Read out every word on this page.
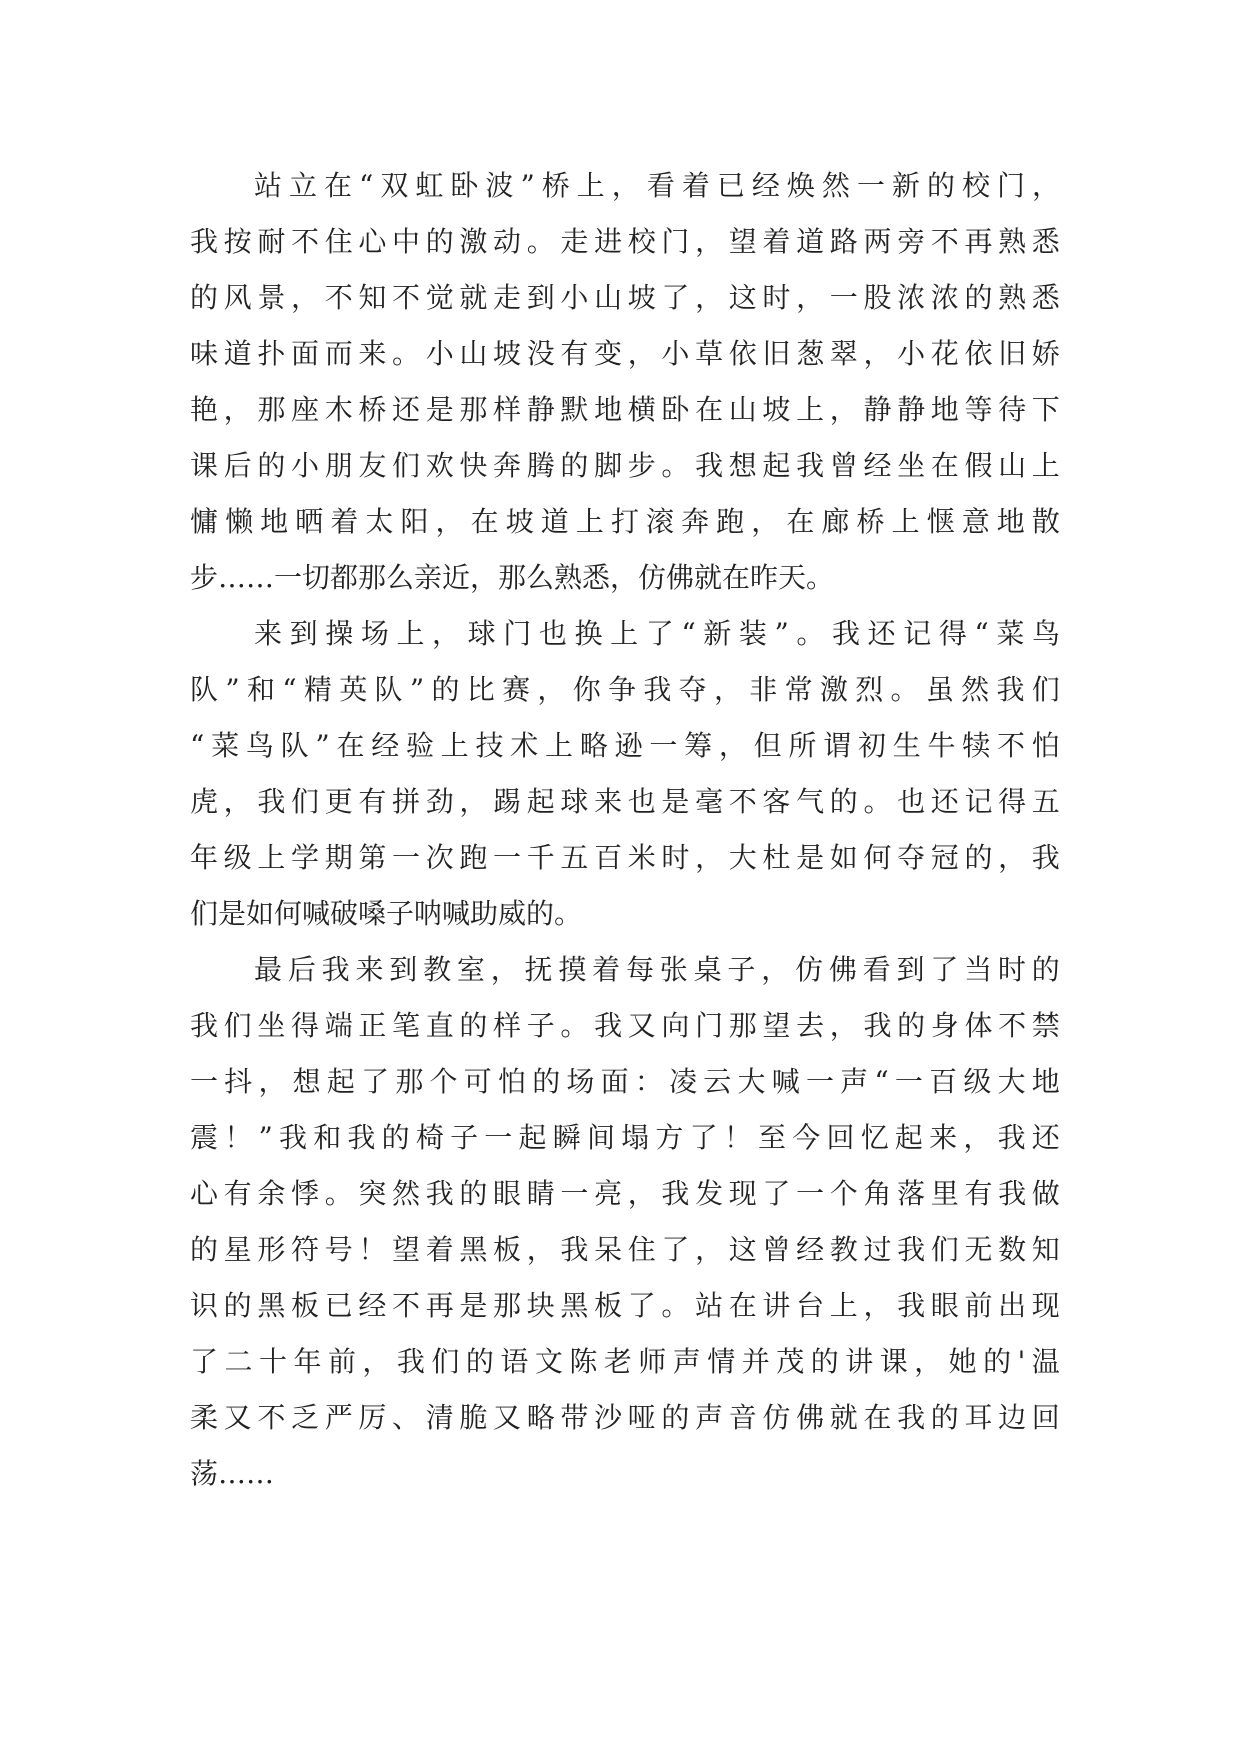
站 立 在 “ 双 虹 卧 波 ” 桥 上 ， 看 着 已 经 焕 然 一 新 的 校 门 ，
我 按 耐 不 住 心 中 的 激 动 。 走 进 校 门 ， 望 着 道 路 两 旁 不 再 熟 悉
的 风 景 ， 不 知 不 觉 就 走 到 小 山 坡 了 ， 这 时 ， 一 股 浓 浓 的 熟 悉
味 道 扑 面 而 来 。 小 山 坡 没 有 变 ， 小 草 依 旧 葱 翠 ， 小 花 依 旧 娇
艳 ， 那 座 木 桥 还 是 那 样 静 默 地 横 卧 在 山 坡 上 ， 静 静 地 等 待 下
课 后 的 小 朋 友 们 欢 快 奔 腾 的 脚 步 。 我 想 起 我 曾 经 坐 在 假 山 上
慵 懒 地 晒 着 太 阳 ， 在 坡 道 上 打 滚 奔 跑 ， 在 廊 桥 上 惬 意 地 散
步……一切都那么亲近，那么熟悉，仿佛就在昨天。
来 到 操 场 上 ， 球 门 也 换 上 了 “ 新 装 ” 。 我 还 记 得 “ 菜 鸟
队 ” 和 “ 精 英 队 ” 的 比 赛 ， 你 争 我 夺 ， 非 常 激 烈 。 虽 然 我 们
“ 菜 鸟 队 ” 在 经 验 上 技 术 上 略 逊 一 筹 ， 但 所 谓 初 生 牛 犊 不 怕
虎 ， 我 们 更 有 拼 劲 ， 踢 起 球 来 也 是 毫 不 客 气 的 。 也 还 记 得 五
年 级 上 学 期 第 一 次 跑 一 千 五 百 米 时 ， 大 杜 是 如 何 夺 冠 的 ， 我
们是如何喊破嗓子呐喊助威的。
最 后 我 来 到 教 室 ， 抚 摸 着 每 张 桌 子 ， 仿 佛 看 到 了 当 时 的
我 们 坐 得 端 正 笔 直 的 样 子 。 我 又 向 门 那 望 去 ， 我 的 身 体 不 禁
一 抖 ， 想 起 了 那 个 可 怕 的 场 面 ： 凌 云 大 喊 一 声 “ 一 百 级 大 地
震 ！ ” 我 和 我 的 椅 子 一 起 瞬 间 塌 方 了 ！ 至 今 回 忆 起 来 ， 我 还
心 有 余 悸 。 突 然 我 的 眼 睛 一 亮 ， 我 发 现 了 一 个 角 落 里 有 我 做
的 星 形 符 号 ！ 望 着 黑 板 ， 我 呆 住 了 ， 这 曾 经 教 过 我 们 无 数 知
识 的 黑 板 已 经 不 再 是 那 块 黑 板 了 。 站 在 讲 台 上 ， 我 眼 前 出 现
了 二 十 年 前 ， 我 们 的 语 文 陈 老 师 声 情 并 茂 的 讲 课 ， 她 的 ' 温
柔 又 不 乏 严 厉 、 清 脆 又 略 带 沙 哑 的 声 音 仿 佛 就 在 我 的 耳 边 回
荡……
